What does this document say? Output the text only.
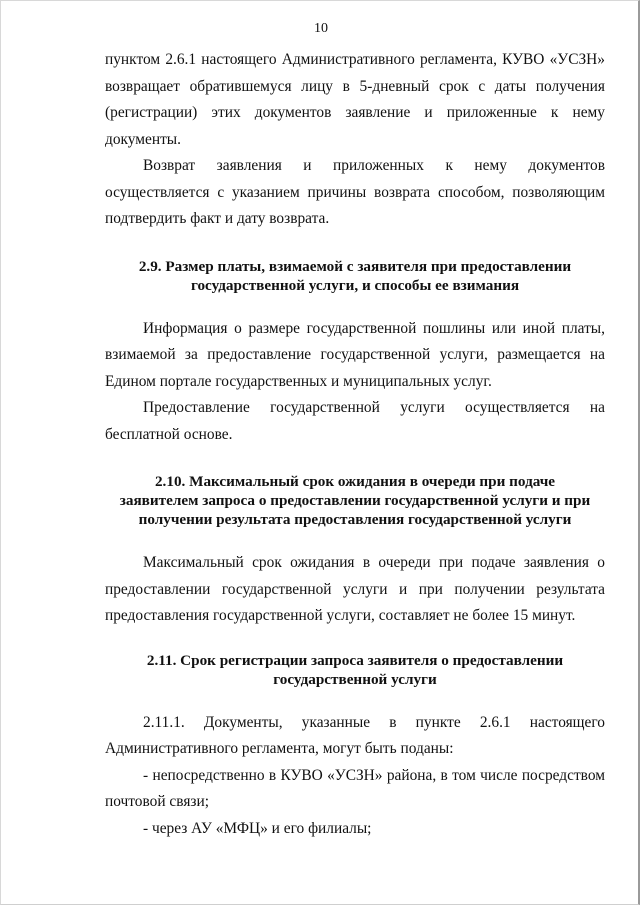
10

пунктом 2.6.1 настоящего Административного регламента, КУВО «УСЗН» возвращает обратившемуся лицу в 5-дневный срок с даты получения (регистрации) этих документов заявление и приложенные к нему документы.

Возврат заявления и приложенных к нему документов осуществляется с указанием причины возврата способом, позволяющим подтвердить факт и дату возврата.

2.9. Размер платы, взимаемой с заявителя при предоставлении

государственной услуги, и способы ее взимания

Информация о размере государственной пошлины или иной платы, взимаемой за предоставление государственной услуги, размещается на Едином портале государственных и муниципальных услуг.

Предоставление государственной услуги осуществляется на бесплатной основе.

2.10. Максимальный срок ожидания в очереди при подаче

заявителем запроса о предоставлении государственной услуги и при

получении результата предоставления государственной услуги

Максимальный срок ожидания в очереди при подаче заявления о предоставлении государственной услуги и при получении результата предоставления государственной услуги, составляет не более 15 минут.

2.11. Срок регистрации запроса заявителя о предоставлении

государственной услуги

2.11.1. Документы, указанные в пункте 2.6.1 настоящего Административного регламента, могут быть поданы:

- непосредственно в КУВО «УСЗН» района, в том числе посредством почтовой связи;

- через АУ «МФЦ» и его филиалы;
